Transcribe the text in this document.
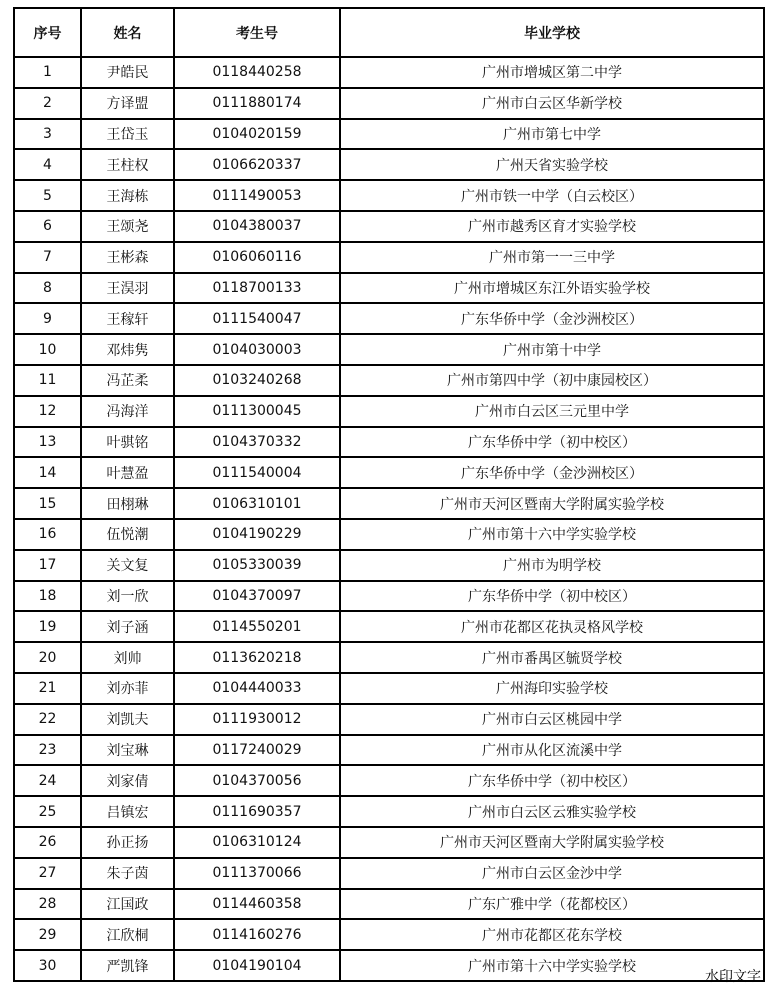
序号	姓名	考生号	毕业学校
1	尹皓民	0118440258	广州市增城区第二中学
2	方译盟	0111880174	广州市白云区华新学校
3	王岱玉	0104020159	广州市第七中学
4	王柱权	0106620337	广州天省实验学校
5	王海栋	0111490053	广州市铁一中学（白云校区）
6	王颂尧	0104380037	广州市越秀区育才实验学校
7	王彬森	0106060116	广州市第一一三中学
8	王淏羽	0118700133	广州市增城区东江外语实验学校
9	王稼轩	0111540047	广东华侨中学（金沙洲校区）
10	邓炜隽	0104030003	广州市第十中学
11	冯芷柔	0103240268	广州市第四中学（初中康园校区）
12	冯海洋	0111300045	广州市白云区三元里中学
13	叶骐铭	0104370332	广东华侨中学（初中校区）
14	叶慧盈	0111540004	广东华侨中学（金沙洲校区）
15	田栩琳	0106310101	广州市天河区暨南大学附属实验学校
16	伍悦潮	0104190229	广州市第十六中学实验学校
17	关文复	0105330039	广州市为明学校
18	刘一欣	0104370097	广东华侨中学（初中校区）
19	刘子涵	0114550201	广州市花都区花执灵格风学校
20	刘帅	0113620218	广州市番禺区毓贤学校
21	刘亦菲	0104440033	广州海印实验学校
22	刘凯夫	0111930012	广州市白云区桃园中学
23	刘宝琳	0117240029	广州市从化区流溪中学
24	刘家倩	0104370056	广东华侨中学（初中校区）
25	吕镇宏	0111690357	广州市白云区云雅实验学校
26	孙正扬	0106310124	广州市天河区暨南大学附属实验学校
27	朱子茵	0111370066	广州市白云区金沙中学
28	江国政	0114460358	广东广雅中学（花都校区）
29	江欣桐	0114160276	广州市花都区花东学校
30	严凯锋	0104190104	广州市第十六中学实验学校
水印文字
